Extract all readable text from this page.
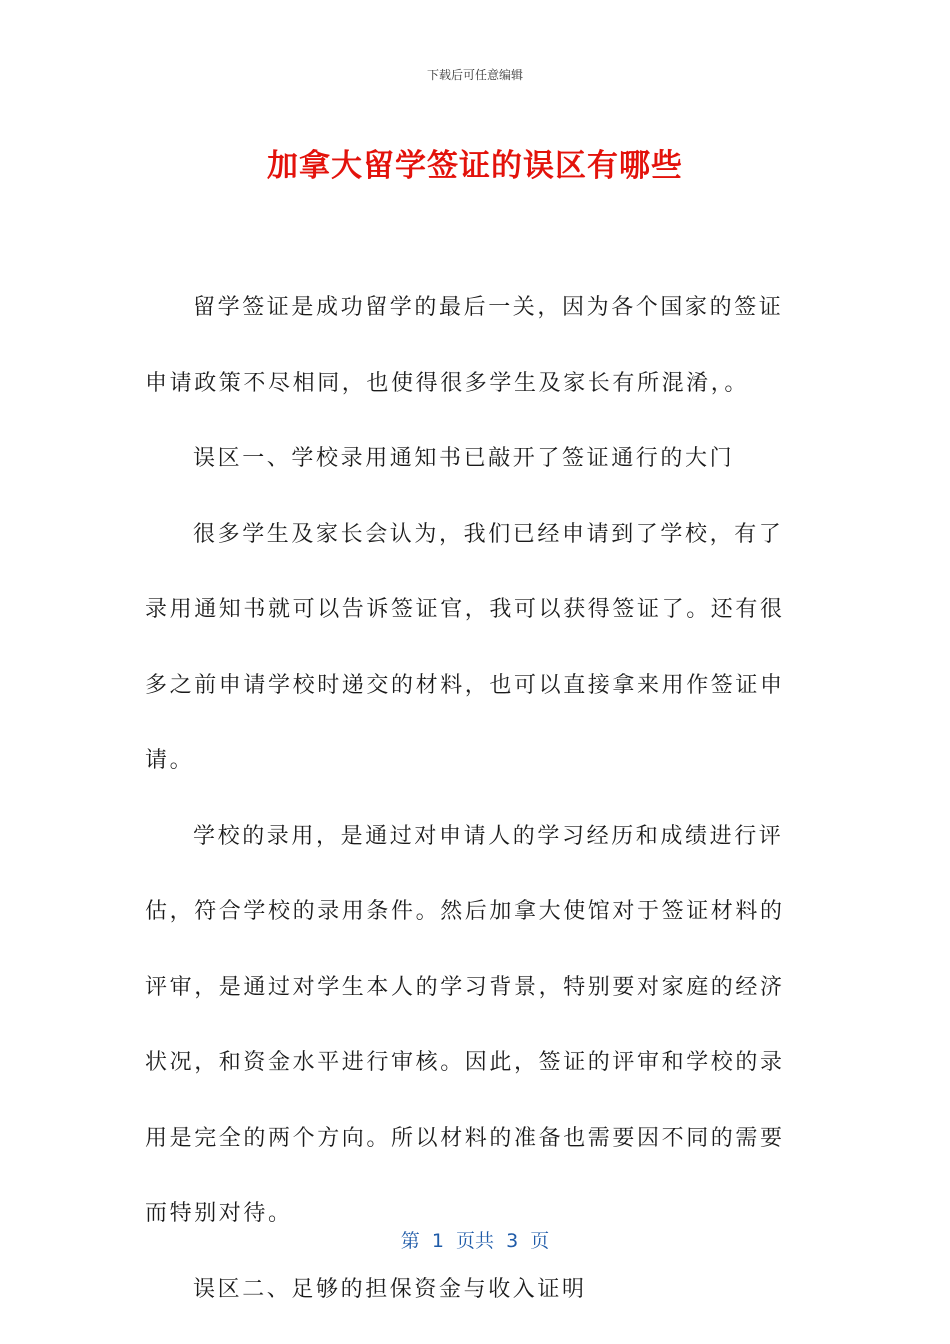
下载后可任意编辑
加拿大留学签证的误区有哪些

留学签证是成功留学的最后一关，因为各个国家的签证申请政策不尽相同，也使得很多学生及家长有所混淆，。

误区一、学校录用通知书已敲开了签证通行的大门

很多学生及家长会认为，我们已经申请到了学校，有了录用通知书就可以告诉签证官，我可以获得签证了。还有很多之前申请学校时递交的材料，也可以直接拿来用作签证申请。

学校的录用，是通过对申请人的学习经历和成绩进行评估，符合学校的录用条件。然后加拿大使馆对于签证材料的评审，是通过对学生本人的学习背景，特别要对家庭的经济状况，和资金水平进行审核。因此，签证的评审和学校的录用是完全的两个方向。所以材料的准备也需要因不同的需要而特别对待。

误区二、足够的担保资金与收入证明

第  1  页共  3  页
